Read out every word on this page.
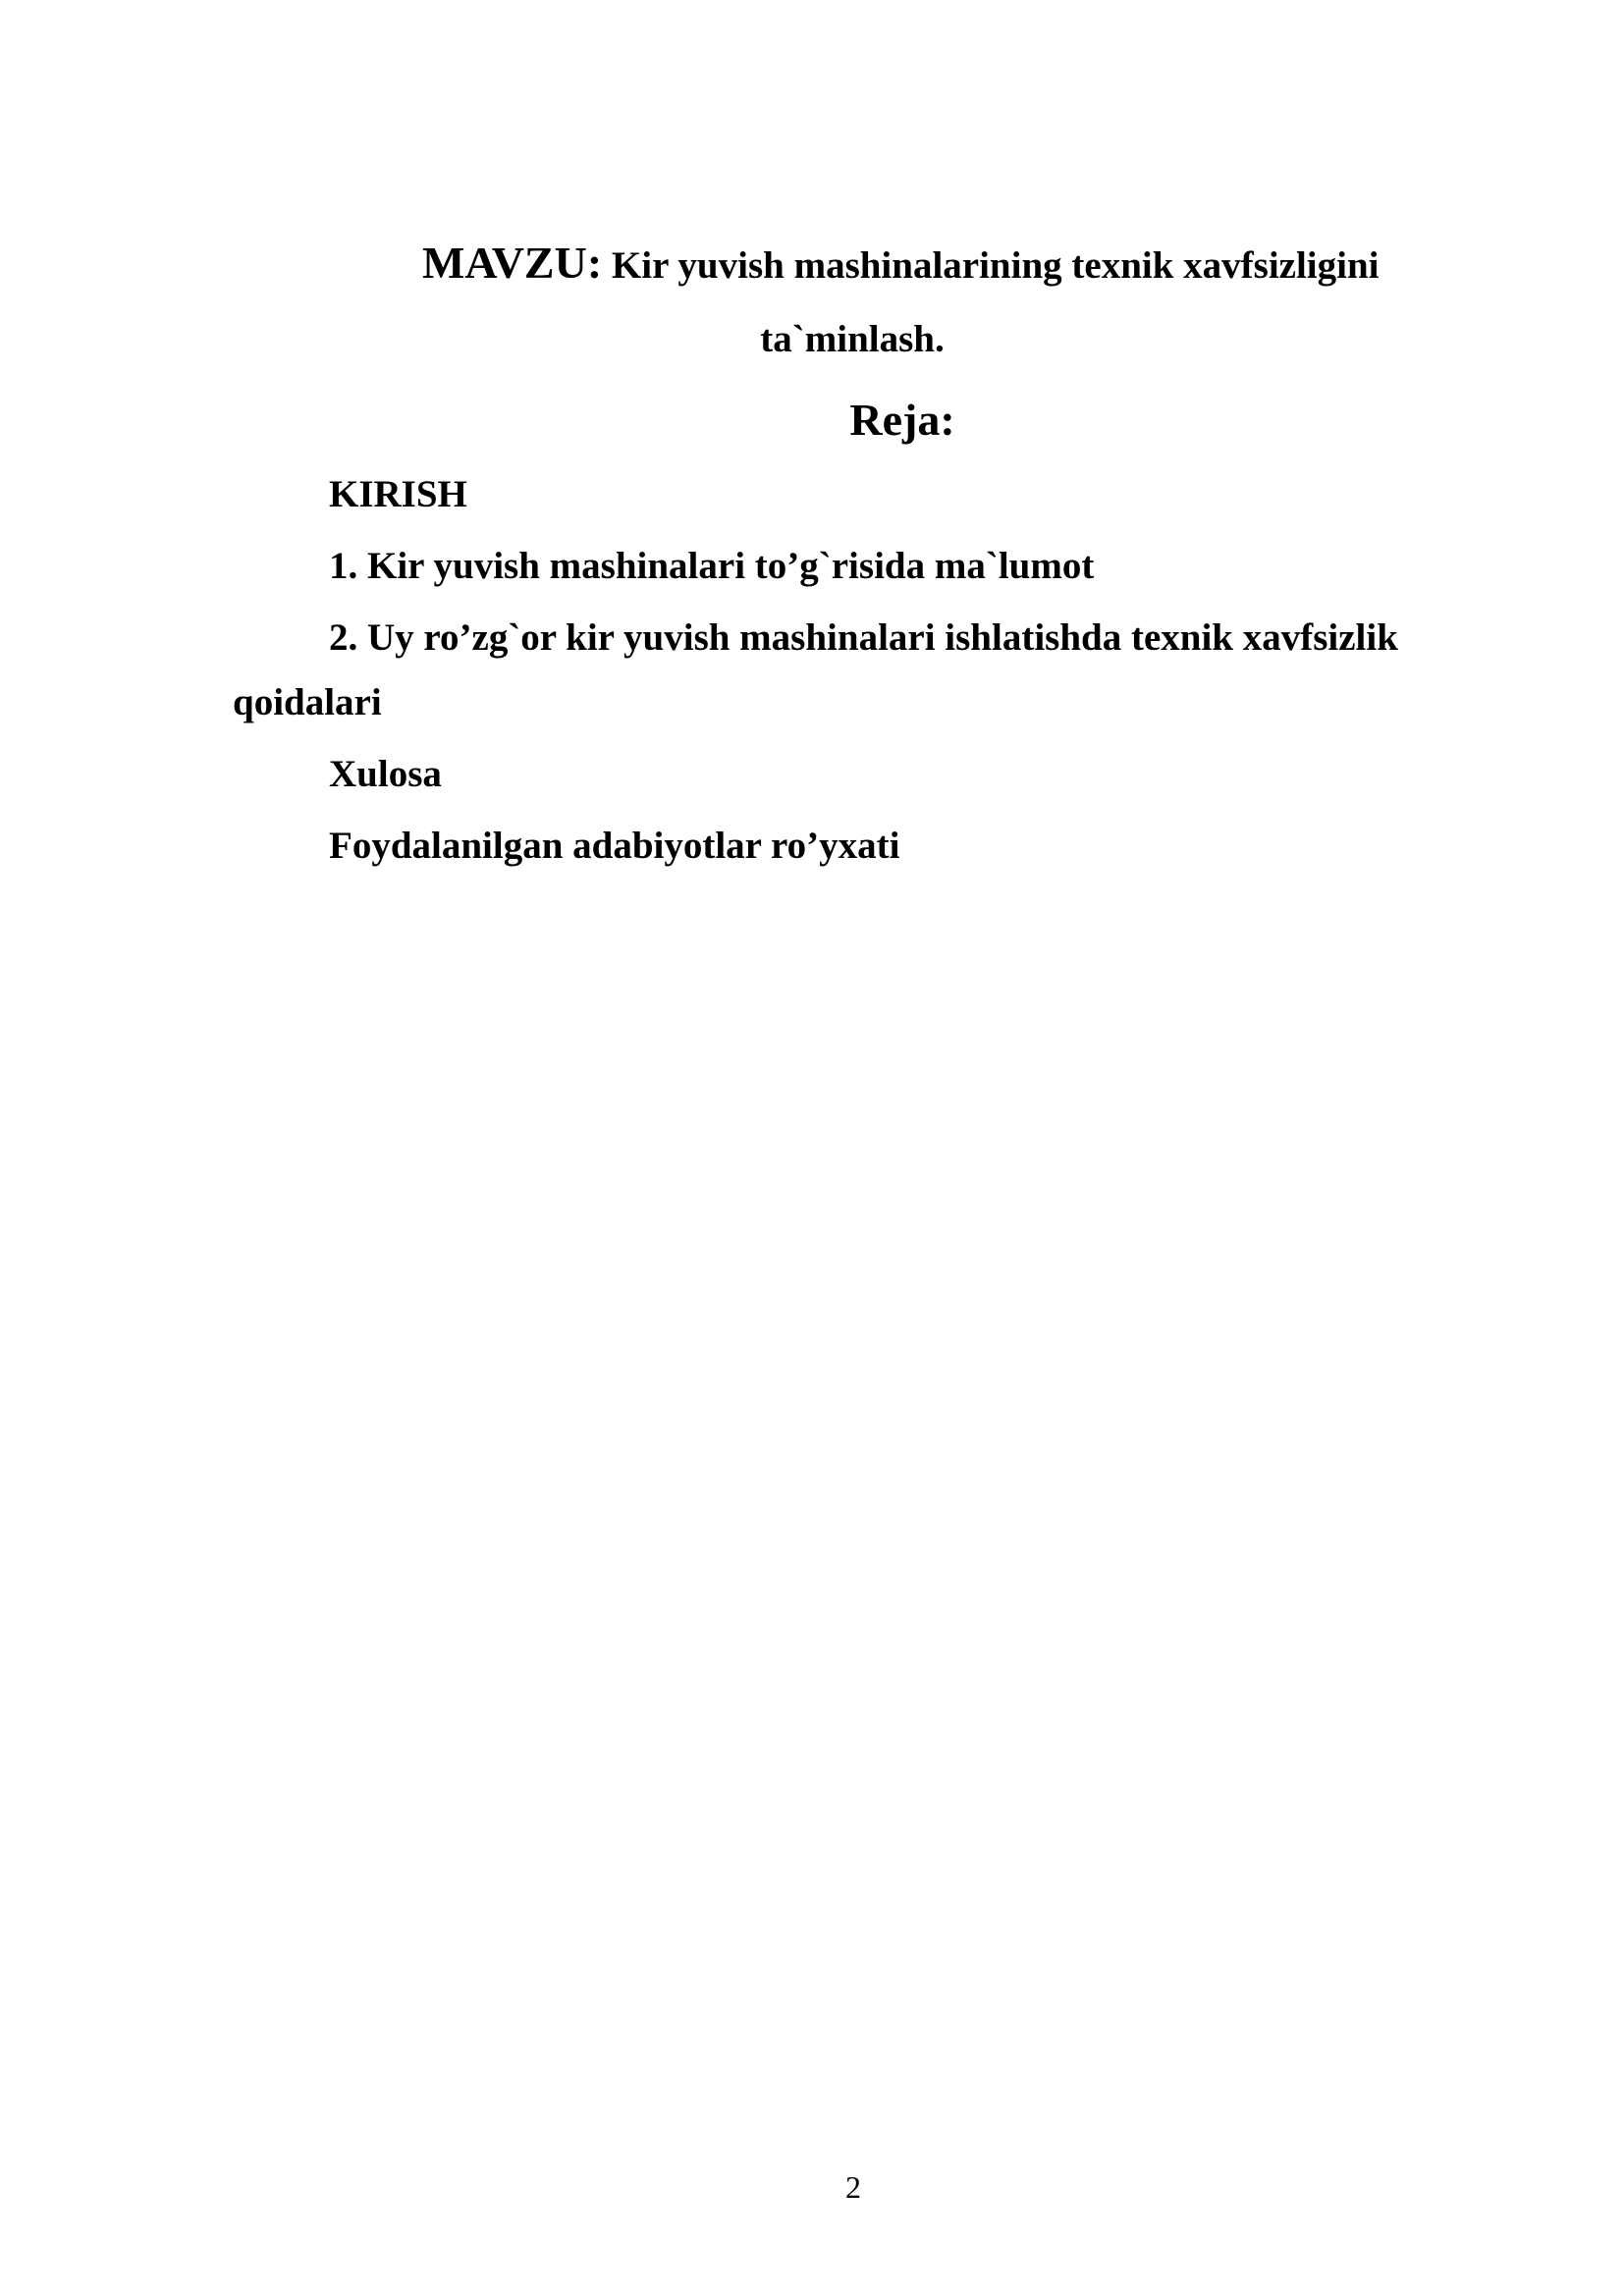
MAVZU: Kir yuvish mashinalarining texnik xavfsizligini
ta`minlash.
Reja:
KIRISH
1. Kir yuvish mashinalari to’g`risida ma`lumot
2. Uy ro’zg`or kir yuvish mashinalari ishlatishda texnik xavfsizlik
qoidalari
Xulosa
Foydalanilgan adabiyotlar ro’yxati
2
